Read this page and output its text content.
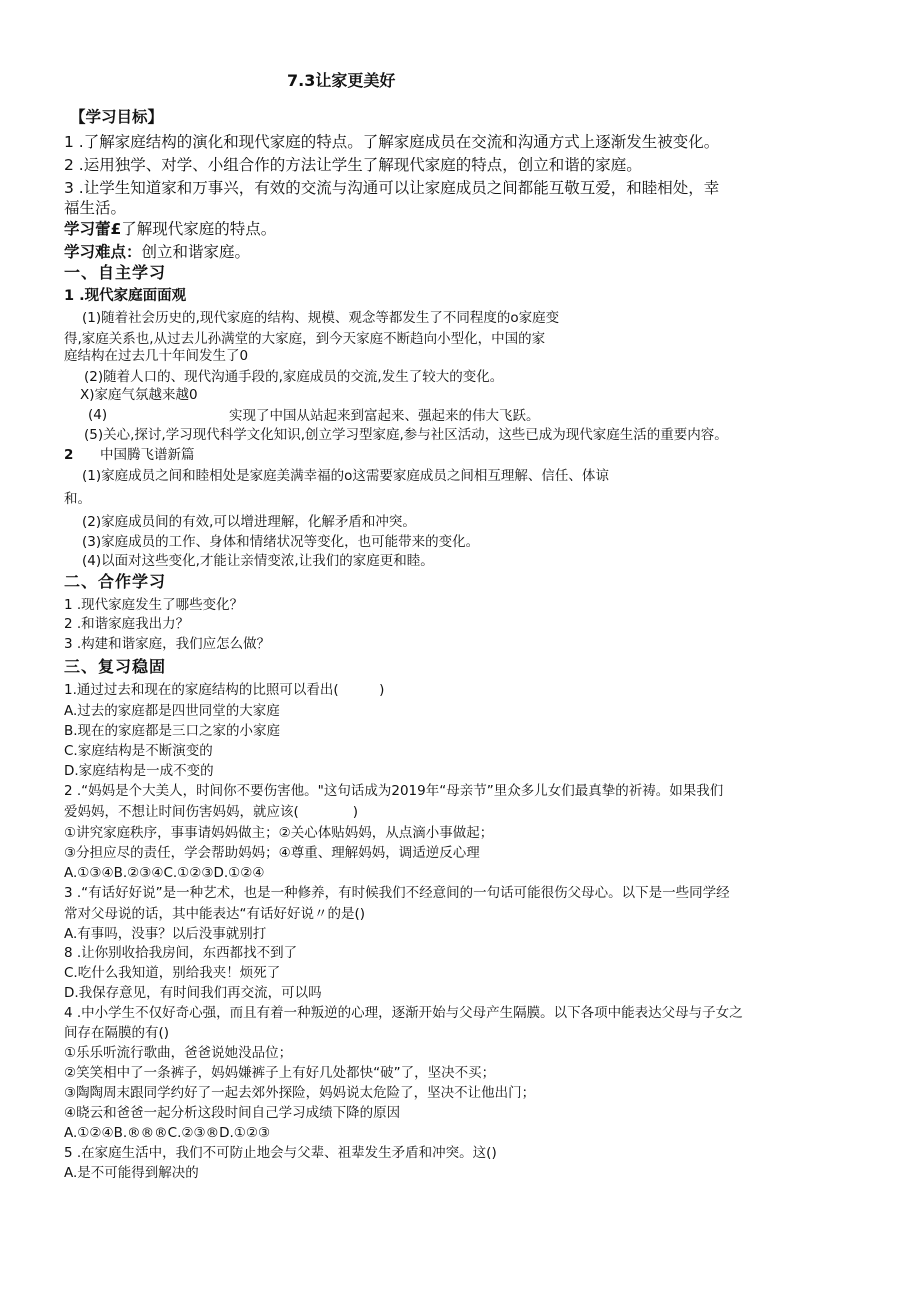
7.3让家更美好
【学习目标】
1 .了解家庭结构的演化和现代家庭的特点。了解家庭成员在交流和沟通方式上逐渐发生被变化。
2 .运用独学、对学、小组合作的方法让学生了解现代家庭的特点，创立和谐的家庭。
3 .让学生知道家和万事兴，有效的交流与沟通可以让家庭成员之间都能互敬互爱，和睦相处，幸
福生活。
学习蕾£了解现代家庭的特点。
学习难点：创立和谐家庭。
一、自主学习
1 .现代家庭面面观
(1)随着社会历史的,现代家庭的结构、规模、观念等都发生了不同程度的o家庭变
得,家庭关系也,从过去儿孙满堂的大家庭，到今天家庭不断趋向小型化，中国的家
庭结构在过去几十年间发生了0
(2)随着人口的、现代沟通手段的,家庭成员的交流,发生了较大的变化。
X)家庭气氛越来越0
(4)	实现了中国从站起来到富起来、强起来的伟大飞跃。
(5)关心,探讨,学习现代科学文化知识,创立学习型家庭,参与社区活动，这些已成为现代家庭生活的重要内容。
2 中国腾飞谱新篇
(1)家庭成员之间和睦相处是家庭美满幸福的o这需要家庭成员之间相互理解、信任、体谅
和。
(2)家庭成员间的有效,可以增进理解，化解矛盾和冲突。
(3)家庭成员的工作、身体和情绪状况等变化，也可能带来的变化。
(4)以面对这些变化,才能让亲情变浓,让我们的家庭更和睦。
二、合作学习
1 .现代家庭发生了哪些变化？
2 .和谐家庭我出力？
3 .构建和谐家庭，我们应怎么做？
三、复习稳固
1.通过过去和现在的家庭结构的比照可以看出(　　　)
A.过去的家庭都是四世同堂的大家庭
B.现在的家庭都是三口之家的小家庭
C.家庭结构是不断演变的
D.家庭结构是一成不变的
2 .“妈妈是个大美人，时间你不要伤害他。"这句话成为2019年“母亲节”里众多儿女们最真挚的祈祷。如果我们
爱妈妈，不想让时间伤害妈妈，就应该(　　　　)
①讲究家庭秩序，事事请妈妈做主；②关心体贴妈妈，从点滴小事做起；
③分担应尽的责任，学会帮助妈妈；④尊重、理解妈妈，调适逆反心理
A.①③④B.②③④C.①②③D.①②④
3 .“有话好好说”是一种艺术，也是一种修养，有时候我们不经意间的一句话可能很伤父母心。以下是一些同学经
常对父母说的话，其中能表达“有话好好说〃的是()
A.有事吗，没事？以后没事就别打
8 .让你别收拾我房间，东西都找不到了
C.吃什么我知道，别给我夹！烦死了
D.我保存意见，有时间我们再交流，可以吗
4 .中小学生不仅好奇心强，而且有着一种叛逆的心理，逐渐开始与父母产生隔膜。以下各项中能表达父母与子女之
间存在隔膜的有()
①乐乐听流行歌曲，爸爸说她没品位；
②笑笑相中了一条裤子，妈妈嫌裤子上有好几处都快“破”了，坚决不买；
③陶陶周末跟同学约好了一起去郊外探险，妈妈说太危险了，坚决不让他出门；
④晓云和爸爸一起分析这段时间自己学习成绩下降的原因
A.①②④B.®®®C.②③®D.①②③
5 .在家庭生活中，我们不可防止地会与父辈、祖辈发生矛盾和冲突。这()
A.是不可能得到解决的
